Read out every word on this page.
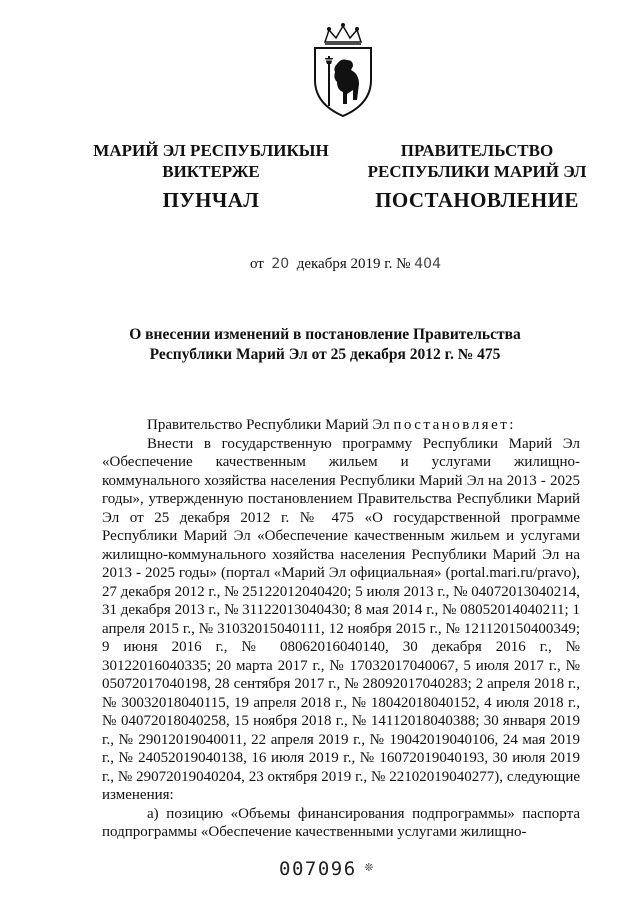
МАРИЙ ЭЛ РЕСПУБЛИКЫН
ВИКТЕРЖЕ
ПУНЧАЛ
ПРАВИТЕЛЬСТВО
РЕСПУБЛИКИ МАРИЙ ЭЛ
ПОСТАНОВЛЕНИЕ
от 20 декабря 2019 г. № 404
О внесении изменений в постановление Правительства
Республики Марий Эл от 25 декабря 2012 г. № 475

Правительство Республики Марий Эл постановляет:

Внести в государственную программу Республики Марий Эл «Обеспечение качественным жильем и услугами жилищно-коммунального хозяйства населения Республики Марий Эл на 2013 - 2025 годы», утвержденную постановлением Правительства Республики Марий Эл от 25 декабря 2012 г. № 475 «О государственной программе Республики Марий Эл «Обеспечение качественным жильем и услугами жилищно-коммунального хозяйства населения Республики Марий Эл на 2013 - 2025 годы» (портал «Марий Эл официальная» (portal.mari.ru/pravo), 27 декабря 2012 г., № 25122012040420; 5 июля 2013 г., № 04072013040214, 31 декабря 2013 г., № 31122013040430; 8 мая 2014 г., № 08052014040211; 1 апреля 2015 г., № 31032015040111, 12 ноября 2015 г., № 121120150400349; 9 июня 2016 г., № 08062016040140, 30 декабря 2016 г., № 30122016040335; 20 марта 2017 г., № 17032017040067, 5 июля 2017 г., № 05072017040198, 28 сентября 2017 г., № 28092017040283; 2 апреля 2018 г., № 30032018040115, 19 апреля 2018 г., № 18042018040152, 4 июля 2018 г., № 04072018040258, 15 ноября 2018 г., № 14112018040388; 30 января 2019 г., № 29012019040011, 22 апреля 2019 г., № 19042019040106, 24 мая 2019 г., № 24052019040138, 16 июля 2019 г., № 16072019040193, 30 июля 2019 г., № 29072019040204, 23 октября 2019 г., № 22102019040277), следующие изменения:

а) позицию «Объемы финансирования подпрограммы» паспорта подпрограммы «Обеспечение качественными услугами жилищно-

007096 ❊
